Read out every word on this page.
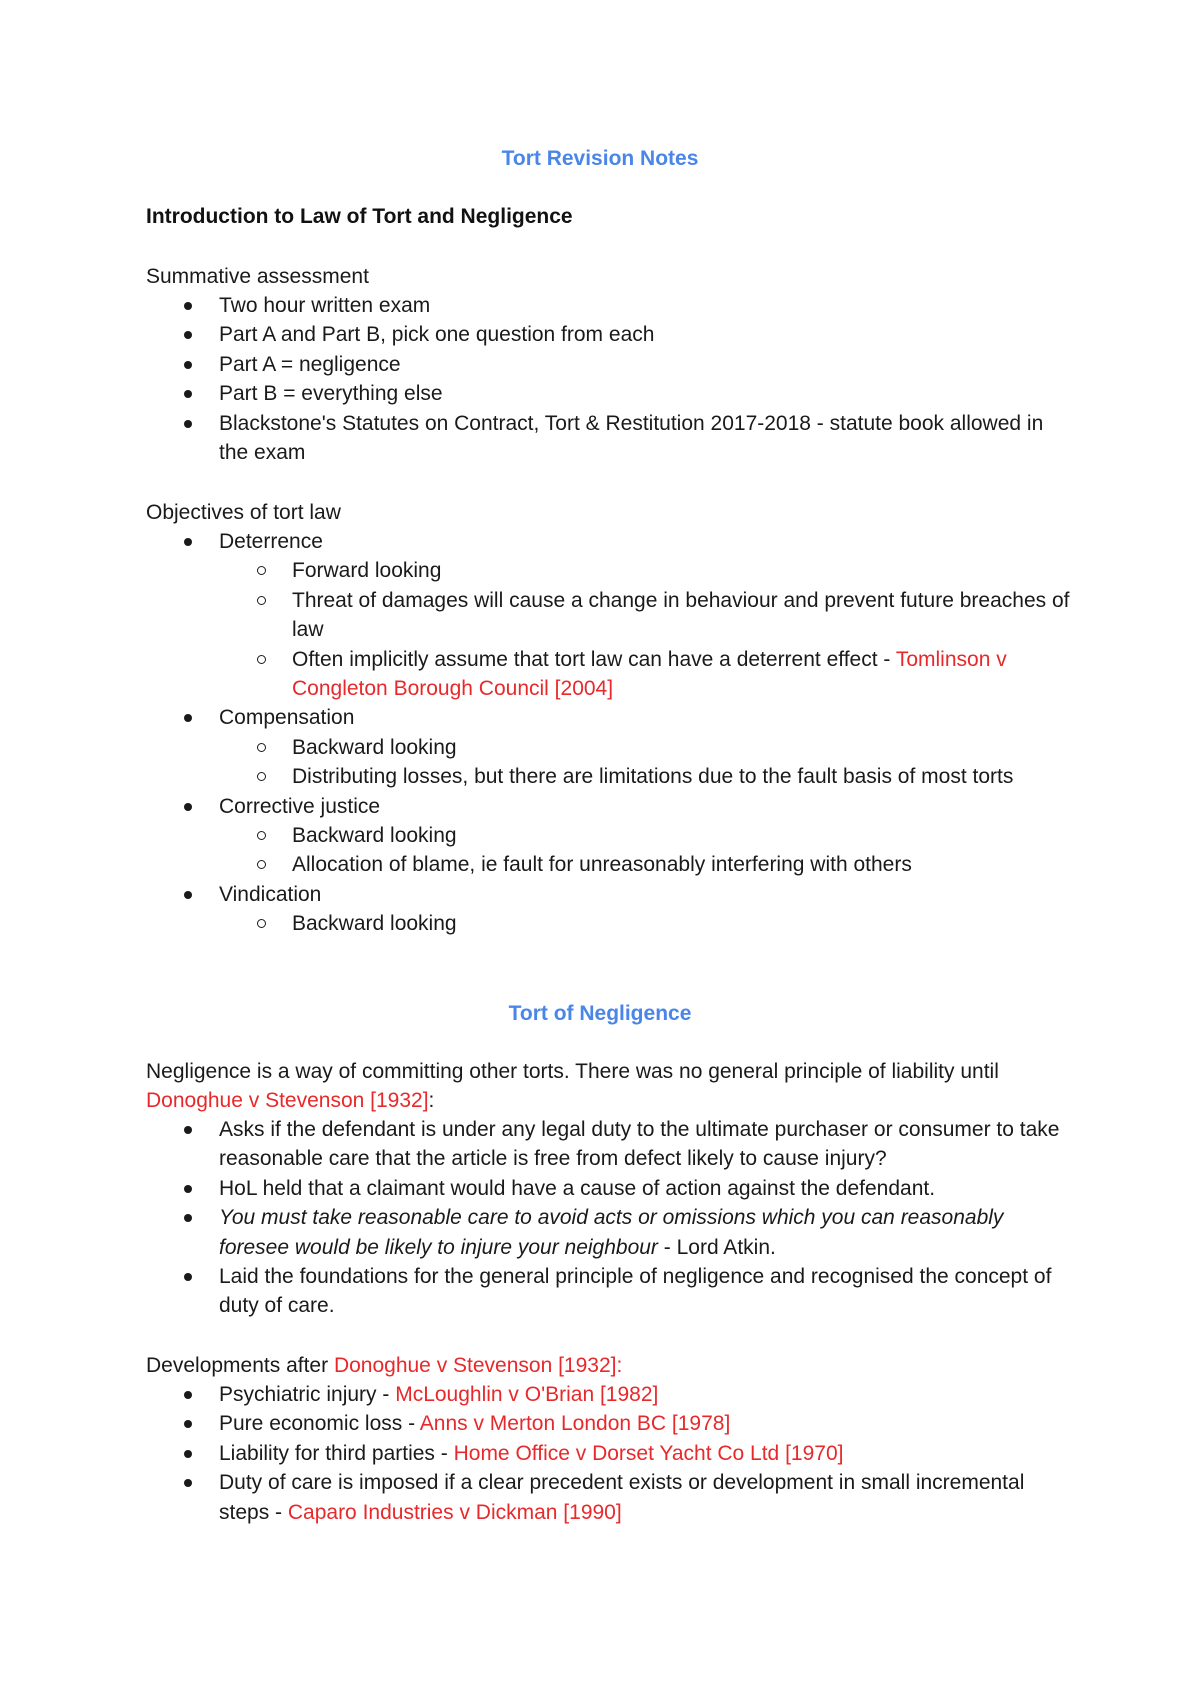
Tort Revision Notes
Introduction to Law of Tort and Negligence

Summative assessment

Two hour written exam
Part A and Part B, pick one question from each
Part A = negligence
Part B = everything else
Blackstone's Statutes on Contract, Tort & Restitution 2017-2018 - statute book allowed in the exam

Objectives of tort law

Deterrence
Forward looking
Threat of damages will cause a change in behaviour and prevent future breaches of law
Often implicitly assume that tort law can have a deterrent effect - Tomlinson v Congleton Borough Council [2004]
Compensation
Backward looking
Distributing losses, but there are limitations due to the fault basis of most torts
Corrective justice
Backward looking
Allocation of blame, ie fault for unreasonably interfering with others
Vindication
Backward looking
Tort of Negligence

Negligence is a way of committing other torts. There was no general principle of liability until Donoghue v Stevenson [1932]:

Asks if the defendant is under any legal duty to the ultimate purchaser or consumer to take reasonable care that the article is free from defect likely to cause injury?
HoL held that a claimant would have a cause of action against the defendant.
You must take reasonable care to avoid acts or omissions which you can reasonably foresee would be likely to injure your neighbour - Lord Atkin.
Laid the foundations for the general principle of negligence and recognised the concept of duty of care.

Developments after Donoghue v Stevenson [1932]:

Psychiatric injury - McLoughlin v O'Brian [1982]
Pure economic loss - Anns v Merton London BC [1978]
Liability for third parties - Home Office v Dorset Yacht Co Ltd [1970]
Duty of care is imposed if a clear precedent exists or development in small incremental steps - Caparo Industries v Dickman [1990]
